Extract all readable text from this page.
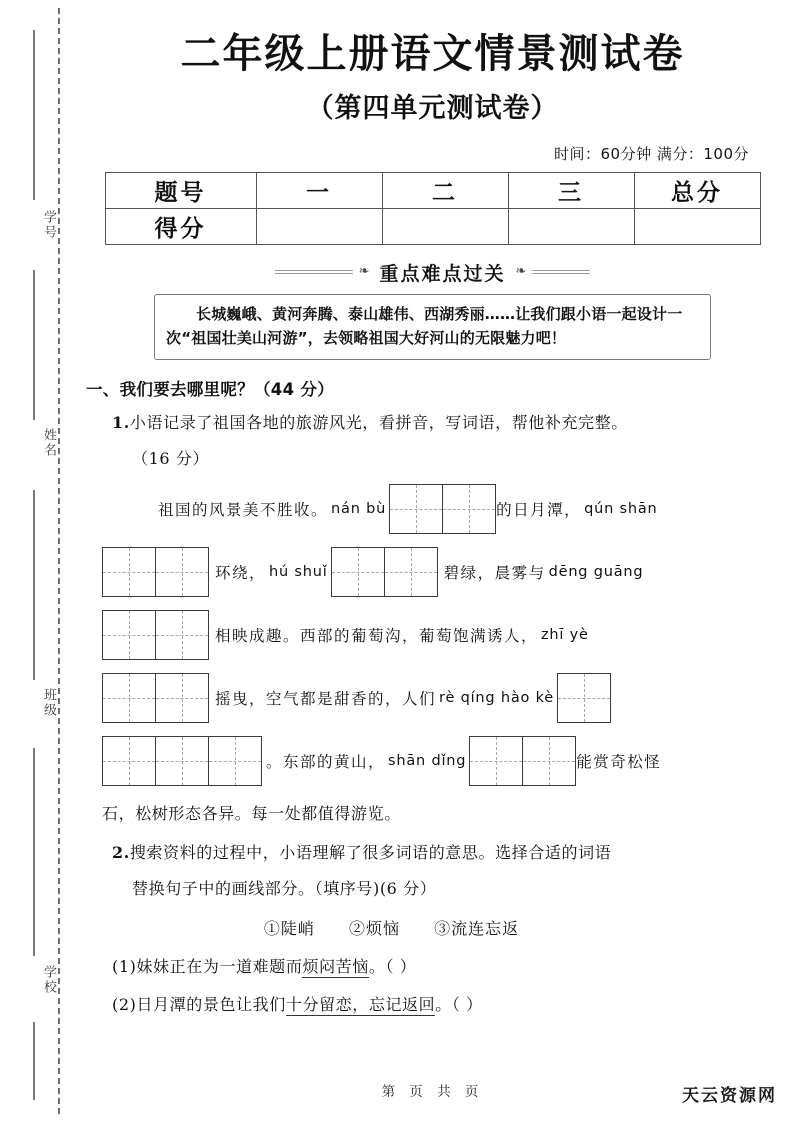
学号
姓名
班级
学校
二年级上册语文情景测试卷
（第四单元测试卷）
时间：60分钟 满分：100分
题号	一	二	三	总分
得分				
❧ 重点难点过关 ❧

长城巍峨、黄河奔腾、泰山雄伟、西湖秀丽……让我们跟小语一起设计一次“祖国壮美山河游”，去领略祖国大好河山的无限魅力吧！

一、我们要去哪里呢？（44 分）
1.小语记录了祖国各地的旅游风光，看拼音，写词语，帮他补充完整。
（16 分）
祖国的风景美不胜收。 nán bù	的日月潭， qún shān
环绕， hú shuǐ	碧绿，晨雾与 dēng guāng
相映成趣。西部的葡萄沟，葡萄饱满诱人， zhī yè
摇曳，空气都是甜香的，人们 rè qíng hào kè
。东部的黄山， shān dǐng	能赏奇松怪
石，松树形态各异。每一处都值得游览。
2.搜索资料的过程中，小语理解了很多词语的意思。选择合适的词语
替换句子中的画线部分。（填序号)(6 分）
①陡峭 ②烦恼 ③流连忘返
(1)妹妹正在为一道难题而烦闷苦恼。（ ）
(2)日月潭的景色让我们十分留恋，忘记返回。（ ）
第 页 共 页	天云资源网
